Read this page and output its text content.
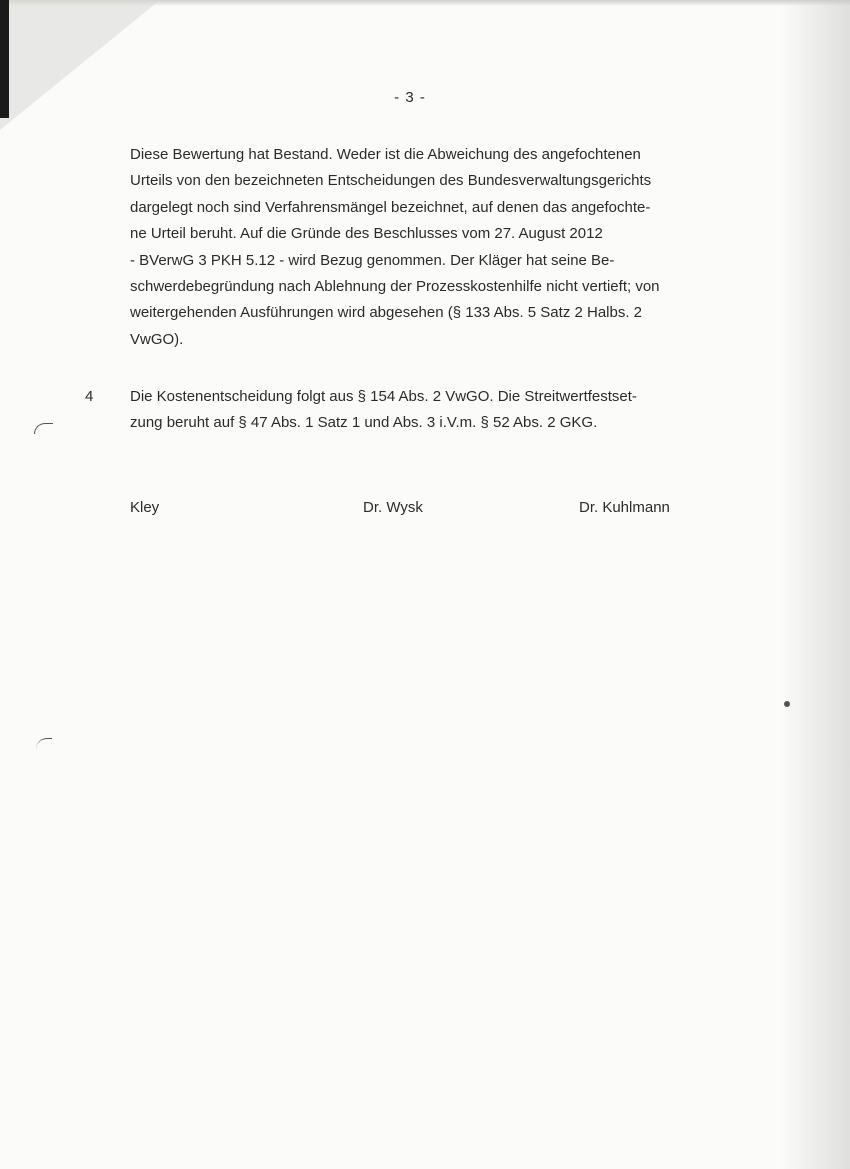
- 3 -

Diese Bewertung hat Bestand. Weder ist die Abweichung des angefochtenen
Urteils von den bezeichneten Entscheidungen des Bundesverwaltungsgerichts
dargelegt noch sind Verfahrensmängel bezeichnet, auf denen das angefochte-
ne Urteil beruht. Auf die Gründe des Beschlusses vom 27. August 2012
- BVerwG 3 PKH 5.12 - wird Bezug genommen. Der Kläger hat seine Be-
schwerdebegründung nach Ablehnung der Prozesskostenhilfe nicht vertieft; von
weitergehenden Ausführungen wird abgesehen (§ 133 Abs. 5 Satz 2 Halbs. 2
VwGO).

4 Die Kostenentscheidung folgt aus § 154 Abs. 2 VwGO. Die Streitwertfestset-
zung beruht auf § 47 Abs. 1 Satz 1 und Abs. 3 i.V.m. § 52 Abs. 2 GKG.

Kley	Dr. Wysk	Dr. Kuhlmann
